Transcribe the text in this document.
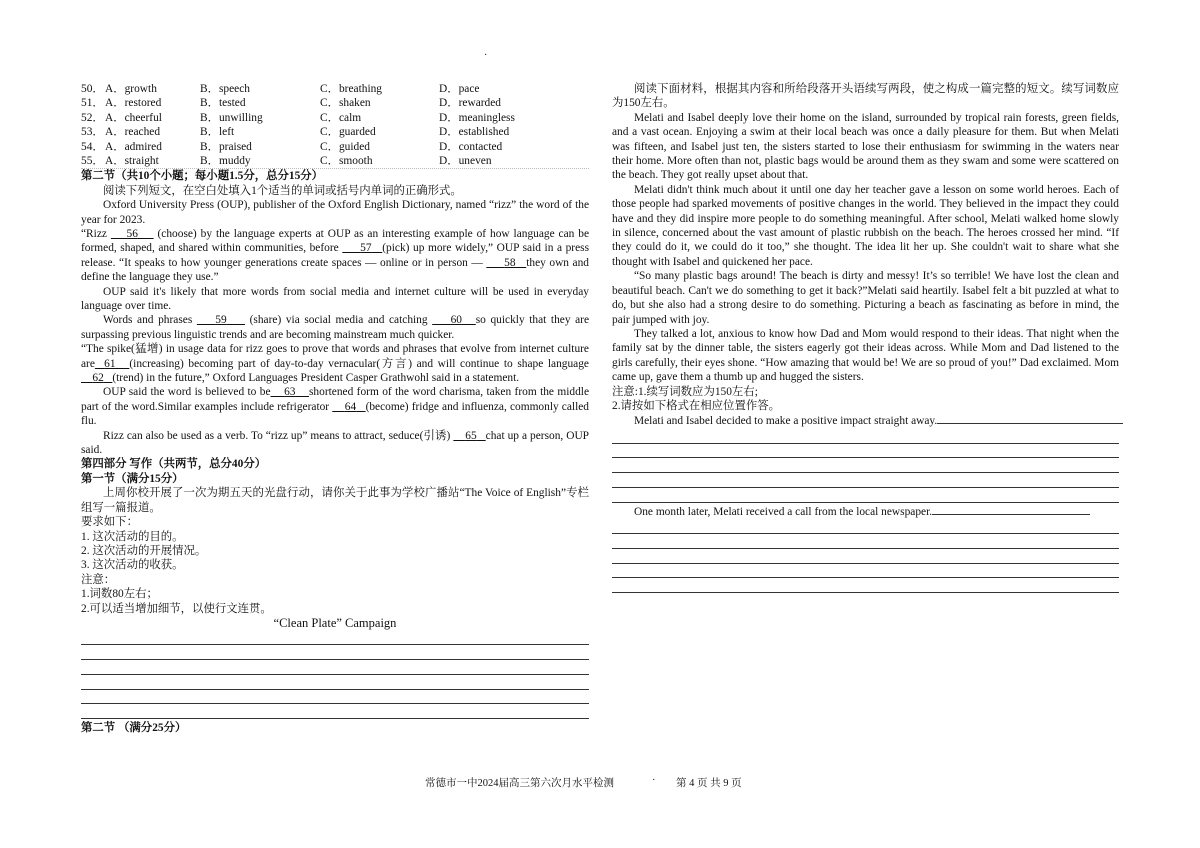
·
50． A．growth	B．speech	C．breathing	D．pace
51． A．restored	B．tested	C．shaken	D．rewarded
52． A．cheerful	B．unwilling	C．calm	D．meaningless
53． A．reached	B．left	C．guarded	D．established
54． A．admired	B．praised	C．guided	D．contacted
55． A．straight	B．muddy	C．smooth	D．uneven
第二节（共10个小题；每小题1.5分，总分15分）
阅读下列短文，在空白处填入1个适当的单词或括号内单词的正确形式。
Oxford University Press (OUP), publisher of the Oxford English Dictionary, named “rizz” the word of the year for 2023.
“Rizz     56     (choose) by the language experts at OUP as an interesting example of how language can be formed, shaped, and shared within communities, before      57 (pick) up more widely,” OUP said in a press release. “It speaks to how younger generations create spaces — online or in person —      58 they own and define the language they use.”
OUP said it's likely that more words from social media and internet culture will be used in everyday language over time.
Words and phrases     59     (share) via social media and catching     60 so quickly that they are surpassing previous linguistic trends and are becoming mainstream much quicker.
“The spike(猛增) in usage data for rizz goes to prove that words and phrases that evolve from internet culture are 61 (increasing) becoming part of day-to-day vernacular(方言) and will continue to shape language     62 (trend) in the future,” Oxford Languages President Casper Grathwohl said in a statement.
OUP said the word is believed to be 63 shortened form of the word charisma, taken from the middle part of the word.Similar examples include refrigerator     64 (become) fridge and influenza, commonly called flu.
Rizz can also be used as a verb. To “rizz up” means to attract, seduce(引诱)     65 chat up a person, OUP said.
第四部分 写作（共两节，总分40分）
第一节（满分15分）
上周你校开展了一次为期五天的光盘行动，请你关于此事为学校广播站“The Voice of English”专栏组写一篇报道。
要求如下：
1. 这次活动的目的。
2. 这次活动的开展情况。
3. 这次活动的收获。
注意：
1.词数80左右；
2.可以适当增加细节，以使行文连贯。
“Clean Plate” Campaign
第二节 （满分25分）
阅读下面材料，根据其内容和所给段落开头语续写两段，使之构成一篇完整的短文。续写词数应为150左右。
Melati and Isabel deeply love their home on the island, surrounded by tropical rain forests, green fields, and a vast ocean. Enjoying a swim at their local beach was once a daily pleasure for them. But when Melati was fifteen, and Isabel just ten, the sisters started to lose their enthusiasm for swimming in the waters near their home. More often than not, plastic bags would be around them as they swam and some were scattered on the beach. They got really upset about that.
Melati didn't think much about it until one day her teacher gave a lesson on some world heroes. Each of those people had sparked movements of positive changes in the world. They believed in the impact they could have and they did inspire more people to do something meaningful. After school, Melati walked home slowly in silence, concerned about the vast amount of plastic rubbish on the beach. The heroes crossed her mind. “If they could do it, we could do it too,” she thought. The idea lit her up. She couldn't wait to share what she thought with Isabel and quickened her pace.
“So many plastic bags around! The beach is dirty and messy! It’s so terrible! We have lost the clean and beautiful beach. Can't we do something to get it back?”Melati said heartily. Isabel felt a bit puzzled at what to do, but she also had a strong desire to do something. Picturing a beach as fascinating as before in mind, the pair jumped with joy.
They talked a lot, anxious to know how Dad and Mom would respond to their ideas. That night when the family sat by the dinner table, the sisters eagerly got their ideas across. While Mom and Dad listened to the girls carefully, their eyes shone. “How amazing that would be! We are so proud of you!” Dad exclaimed. Mom came up, gave them a thumb up and hugged the sisters.
注意:1.续写词数应为150左右;
2.请按如下格式在相应位置作答。
Melati and Isabel decided to make a positive impact straight away.
One month later, Melati received a call from the local newspaper.
常德市一中2024届高三第六次月水平检测	· 第 4 页 共 9 页
